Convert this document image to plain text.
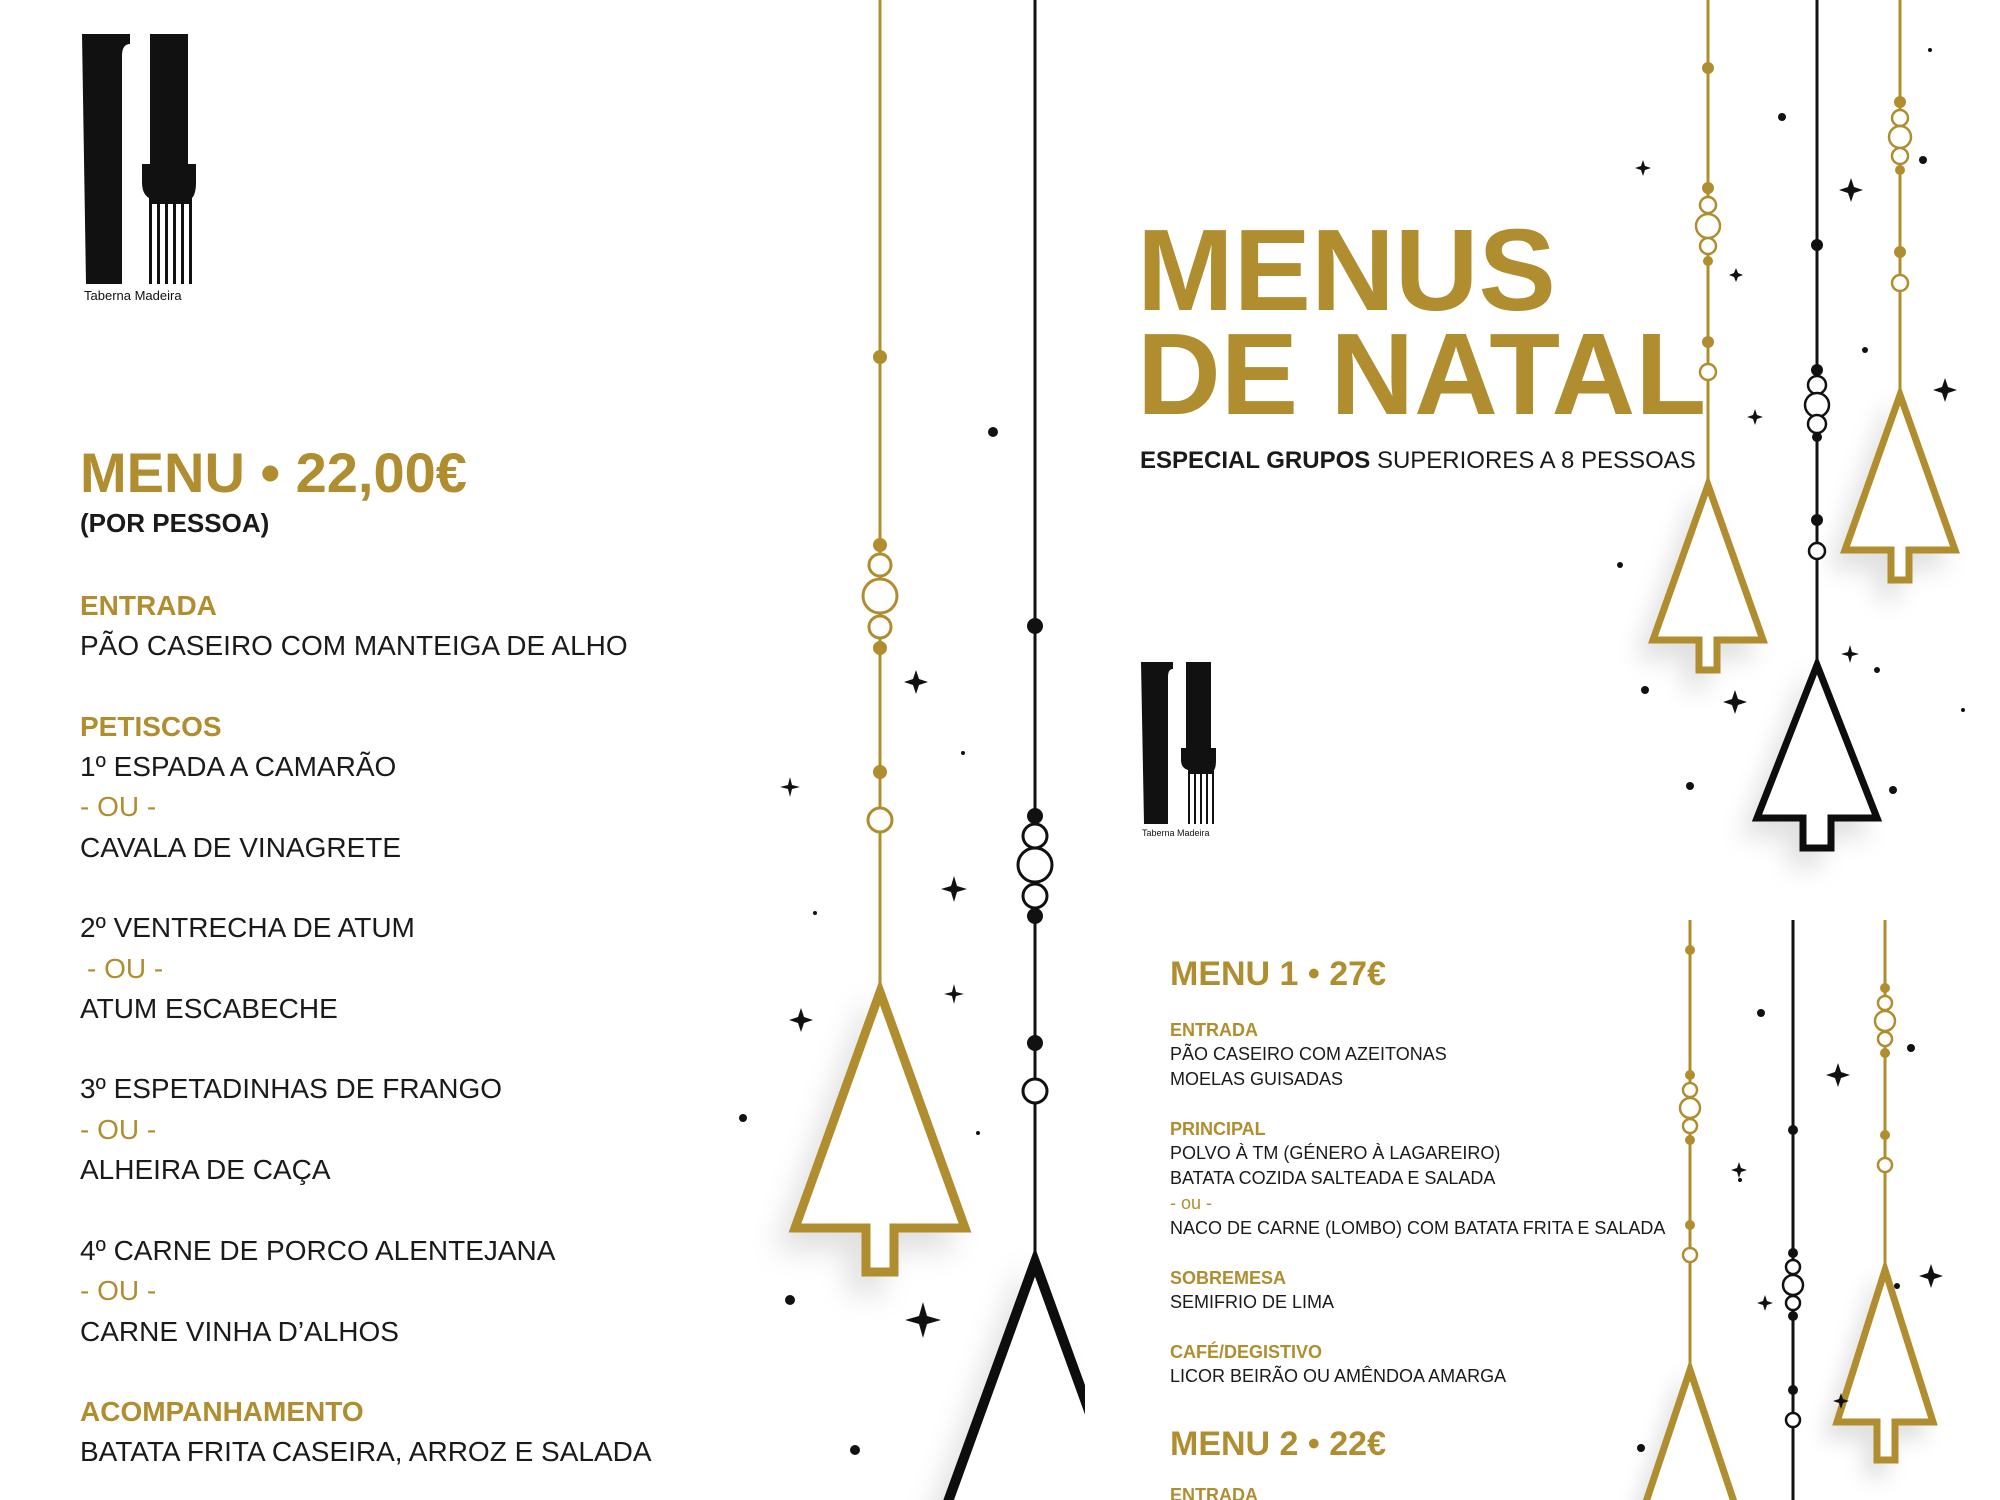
Taberna Madeira
MENU • 22,00€
(POR PESSOA)
ENTRADA
PÃO CASEIRO COM MANTEIGA DE ALHO
PETISCOS
1º ESPADA A CAMARÃO
- OU -
CAVALA DE VINAGRETE
2º VENTRECHA DE ATUM
- OU -
ATUM ESCABECHE
3º ESPETADINHAS DE FRANGO
- OU -
ALHEIRA DE CAÇA
4º CARNE DE PORCO ALENTEJANA
- OU -
CARNE VINHA D’ALHOS
ACOMPANHAMENTO
BATATA FRITA CASEIRA, ARROZ E SALADA
MENUS
DE NATAL
ESPECIAL GRUPOS SUPERIORES A 8 PESSOAS
Taberna Madeira
MENU 1 • 27€
ENTRADA
PÃO CASEIRO COM AZEITONAS
MOELAS GUISADAS
PRINCIPAL
POLVO À TM (GÉNERO À LAGAREIRO)
BATATA COZIDA SALTEADA E SALADA
- ou -
NACO DE CARNE (LOMBO) COM BATATA FRITA E SALADA
SOBREMESA
SEMIFRIO DE LIMA
CAFÉ/DEGISTIVO
LICOR BEIRÃO OU AMÊNDOA AMARGA
MENU 2 • 22€
ENTRADA
